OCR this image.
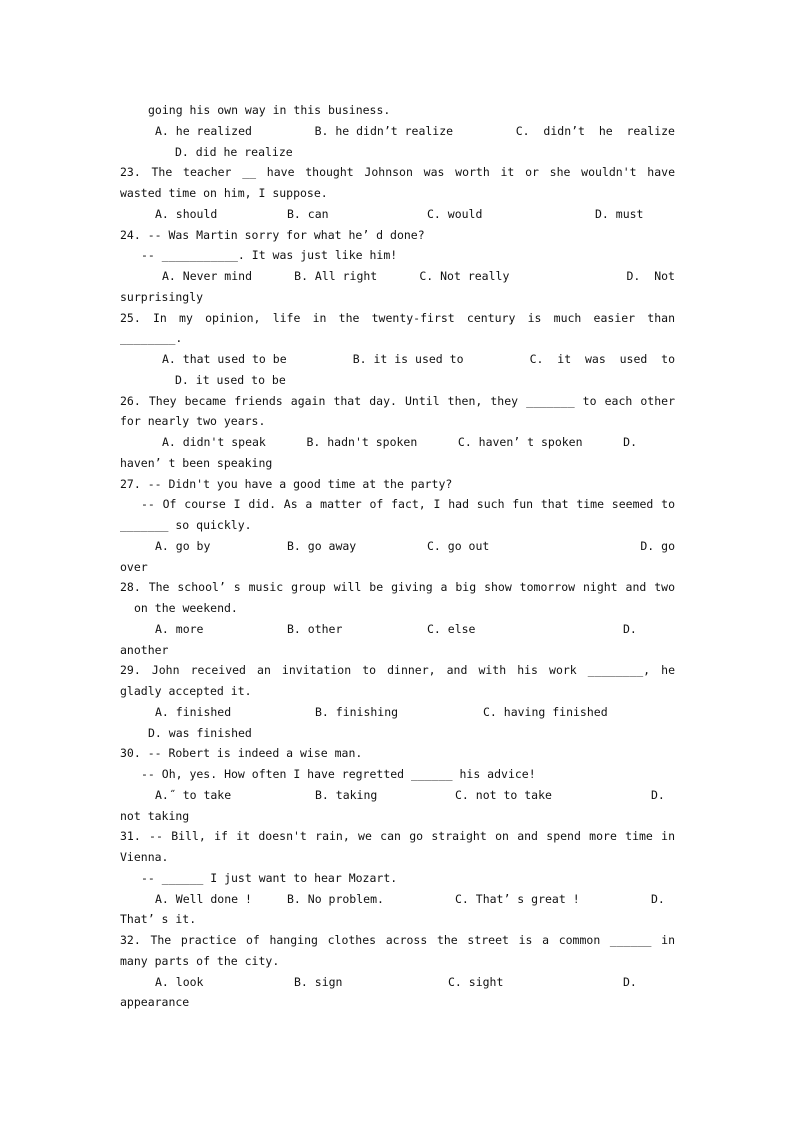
going his own way in this business.
A. he realized	B. he didn’t realize	C.  didn’t  he  realize
D. did he realize
23. The teacher __ have thought Johnson was worth it or she wouldn't have
wasted time on him, I suppose.
A. should	B. can	C. would	D. must
24. -- Was Martin sorry for what he’ d done?
-- ___________. It was just like him!
A. Never mind	B. All right	C. Not really	D.  Not
surprisingly
25. In my opinion, life in the twenty-first century is much easier than
________.
A. that used to be	B. it is used to	C.  it  was  used  to
D. it used to be
26. They became friends again that day. Until then, they _______ to each other
for nearly two years.
A. didn't speak	B. hadn't spoken	C. haven’ t spoken	D.
haven’ t been speaking
27. -- Didn't you have a good time at the party?
-- Of course I did. As a matter of fact, I had such fun that time seemed to
_______ so quickly.
A. go by	B. go away	C. go out	D. go
over
28. The school’ s music group will be giving a big show tomorrow night and two
on the weekend.
A. more	B. other	C. else	D.
another
29. John received an invitation to dinner, and with his work ________, he
gladly accepted it.
A. finished	B. finishing	C. having finished
D. was finished
30. -- Robert is indeed a wise man.
-- Oh, yes. How often I have regretted ______ his advice!
A.˝ to take	B. taking	C. not to take	D.
not taking
31. -- Bill, if it doesn't rain, we can go straight on and spend more time in
Vienna.
-- ______ I just want to hear Mozart.
A. Well done !	B. No problem.	C. That’ s great !	D.
That’ s it.
32. The practice of hanging clothes across the street is a common ______ in
many parts of the city.
A. look	B. sign	C. sight	D.
appearance
